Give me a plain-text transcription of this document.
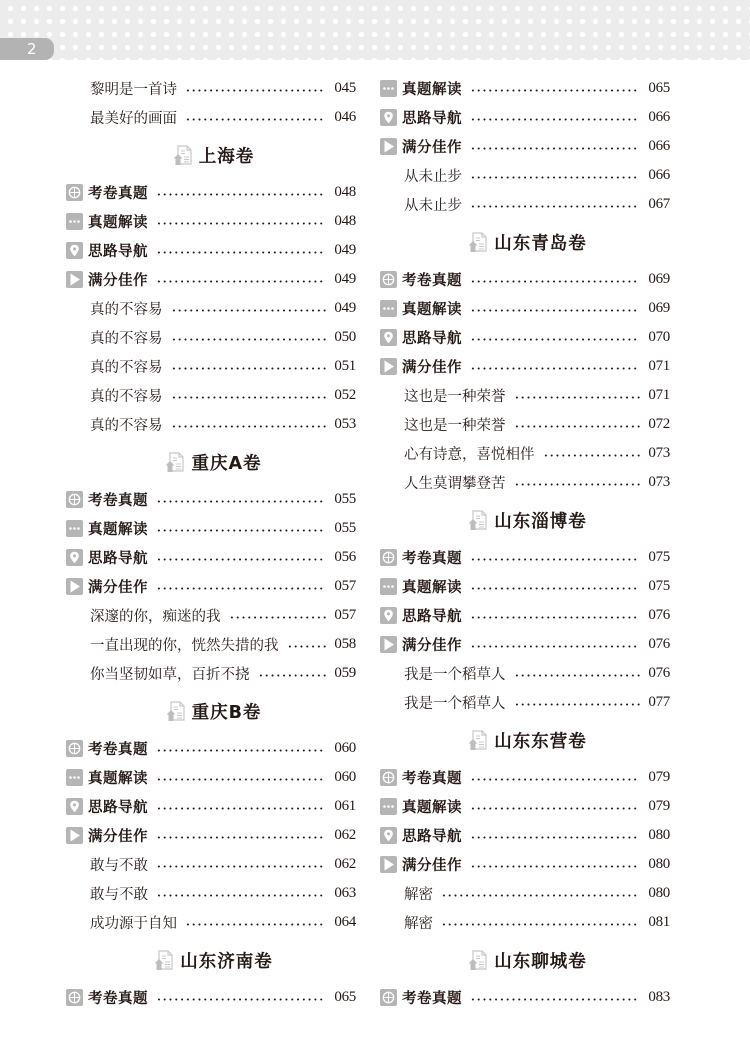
2
黎明是一首诗	045
最美好的画面	046
上海卷
考卷真题	048
真题解读	048
思路导航	049
满分佳作	049
真的不容易	049
真的不容易	050
真的不容易	051
真的不容易	052
真的不容易	053
重庆A卷
考卷真题	055
真题解读	055
思路导航	056
满分佳作	057
深邃的你，痴迷的我	057
一直出现的你，恍然失措的我	058
你当坚韧如草，百折不挠	059
重庆B卷
考卷真题	060
真题解读	060
思路导航	061
满分佳作	062
敢与不敢	062
敢与不敢	063
成功源于自知	064
山东济南卷
考卷真题	065
真题解读	065
思路导航	066
满分佳作	066
从未止步	066
从未止步	067
山东青岛卷
考卷真题	069
真题解读	069
思路导航	070
满分佳作	071
这也是一种荣誉	071
这也是一种荣誉	072
心有诗意，喜悦相伴	073
人生莫谓攀登苦	073
山东淄博卷
考卷真题	075
真题解读	075
思路导航	076
满分佳作	076
我是一个稻草人	076
我是一个稻草人	077
山东东营卷
考卷真题	079
真题解读	079
思路导航	080
满分佳作	080
解密	080
解密	081
山东聊城卷
考卷真题	083
